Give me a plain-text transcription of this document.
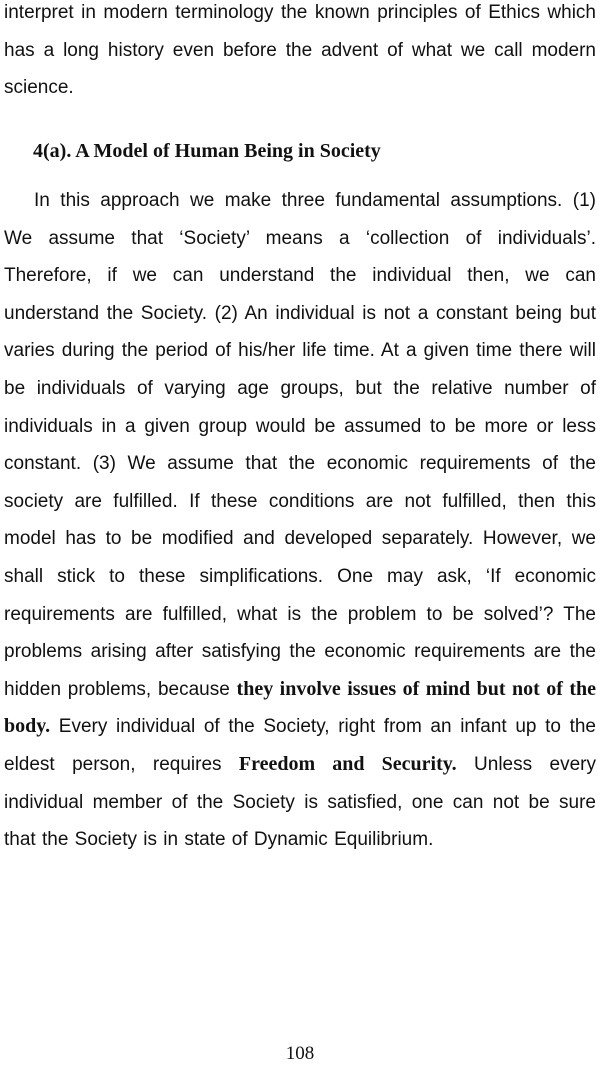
interpret in modern terminology the known principles of Ethics which has a long history even before the advent of what we call modern science.

4(a). A Model of Human Being in Society

In this approach we make three fundamental assumptions. (1) We assume that ‘Society’ means a ‘collection of individuals’. Therefore, if we can understand the individual then, we can understand the Society. (2) An individual is not a constant being but varies during the period of his/her life time. At a given time there will be individuals of varying age groups, but the relative number of individuals in a given group would be assumed to be more or less constant. (3) We assume that the economic requirements of the society are fulfilled. If these conditions are not fulfilled, then this model has to be modified and developed separately. However, we shall stick to these simplifications. One may ask, ‘If economic requirements are fulfilled, what is the problem to be solved’? The problems arising after satisfying the economic requirements are the hidden problems, because they involve issues of mind but not of the body. Every individual of the Society, right from an infant up to the eldest person, requires Freedom and Security. Unless every individual member of the Society is satisfied, one can not be sure that the Society is in state of Dynamic Equilibrium.

108
